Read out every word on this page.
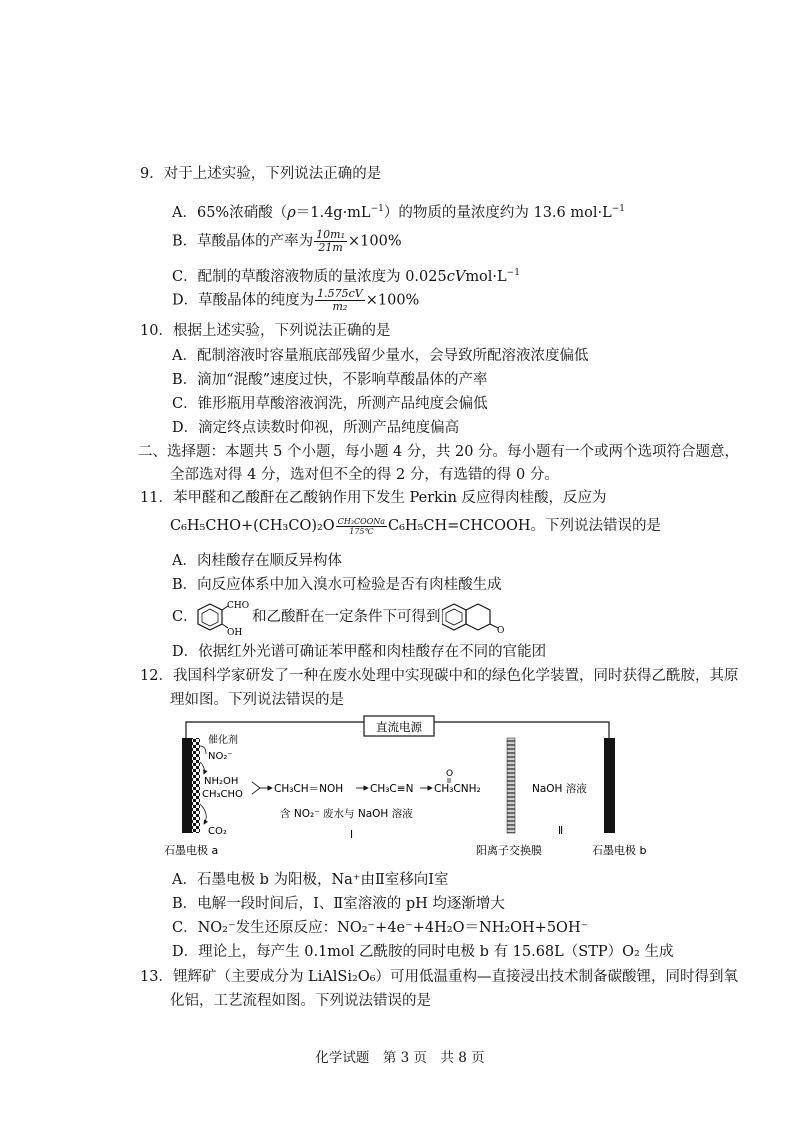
9．对于上述实验，下列说法正确的是
A．65%浓硝酸$(\rho=1.4g\cdot mL^{-1})$的物质的量浓度约为 13.6 $mol\cdot L^{-1}$
B．草酸晶体的产率为 $\frac{\text{10m₁}}{21m} \times 100\%$
C．配制的草酸溶液物质的量浓度为 $0.025cVmol\cdot L^{-1}$
D．草酸晶体的纯度为 $\frac{1.575cV}{\text{m₂}} \times 100\%$
10．根据上述实验，下列说法正确的是
A．配制溶液时容量瓶底部残留少量水，会导致所配溶液浓度偏低
B．滴加“混酸”速度过快，不影响草酸晶体的产率
C．锥形瓶用草酸溶液润洗，所测产品纯度会偏低
D．滴定终点读数时仰视，所测产品纯度偏高
二、选择题：本题共 5 个小题，每小题 4 分，共 20 分。每小题有一个或两个选项符合题意，
全部选对得 4 分，选对但不全的得 2 分，有选错的得 0 分。
11．苯甲醛和乙酸酐在乙酸钠作用下发生 Perkin 反应得肉桂酸，反应为
C₆H₅CHO+(CH₃CO)₂O CH₃COONa
175℃	C₆H₅CH=CHCOOH。下列说法错误的是
A．肉桂酸存在顺反异构体
B．向反应体系中加入溴水可检验是否有肉桂酸生成
C．
CHO
OH
和乙酸酐在一定条件下可得到
O
D．依据红外光谱可确证苯甲醛和肉桂酸存在不同的官能团
12．我国科学家研发了一种在废水处理中实现碳中和的绿色化学装置，同时获得乙酰胺，其原
理如图。下列说法错误的是
直流电源
催化剂
NO₂⁻
NH₂OH
CH₃CHO
CO₂
CH₃CH＝NOH	CH₃C≡N
O
CH₃CNH₂
含 NO₂⁻ 废水与 NaOH 溶液
Ⅰ
NaOH 溶液
Ⅱ
石墨电极 a	阳离子交换膜	石墨电极 b
A．石墨电极 b 为阳极，Na⁺由Ⅱ室移向Ⅰ室
B．电解一段时间后，Ⅰ、Ⅱ室溶液的 pH 均逐渐增大
C．NO₂⁻发生还原反应：NO₂⁻+4e⁻+4H₂O＝NH₂OH+5OH⁻
D．理论上，每产生 0.1mol 乙酰胺的同时电极 b 有 15.68L（STP）O₂ 生成
13．锂辉矿（主要成分为 LiAlSi₂O₆）可用低温重构—直接浸出技术制备碳酸锂，同时得到氧
化铝，工艺流程如图。下列说法错误的是
化学试题　第 3 页　共 8 页
